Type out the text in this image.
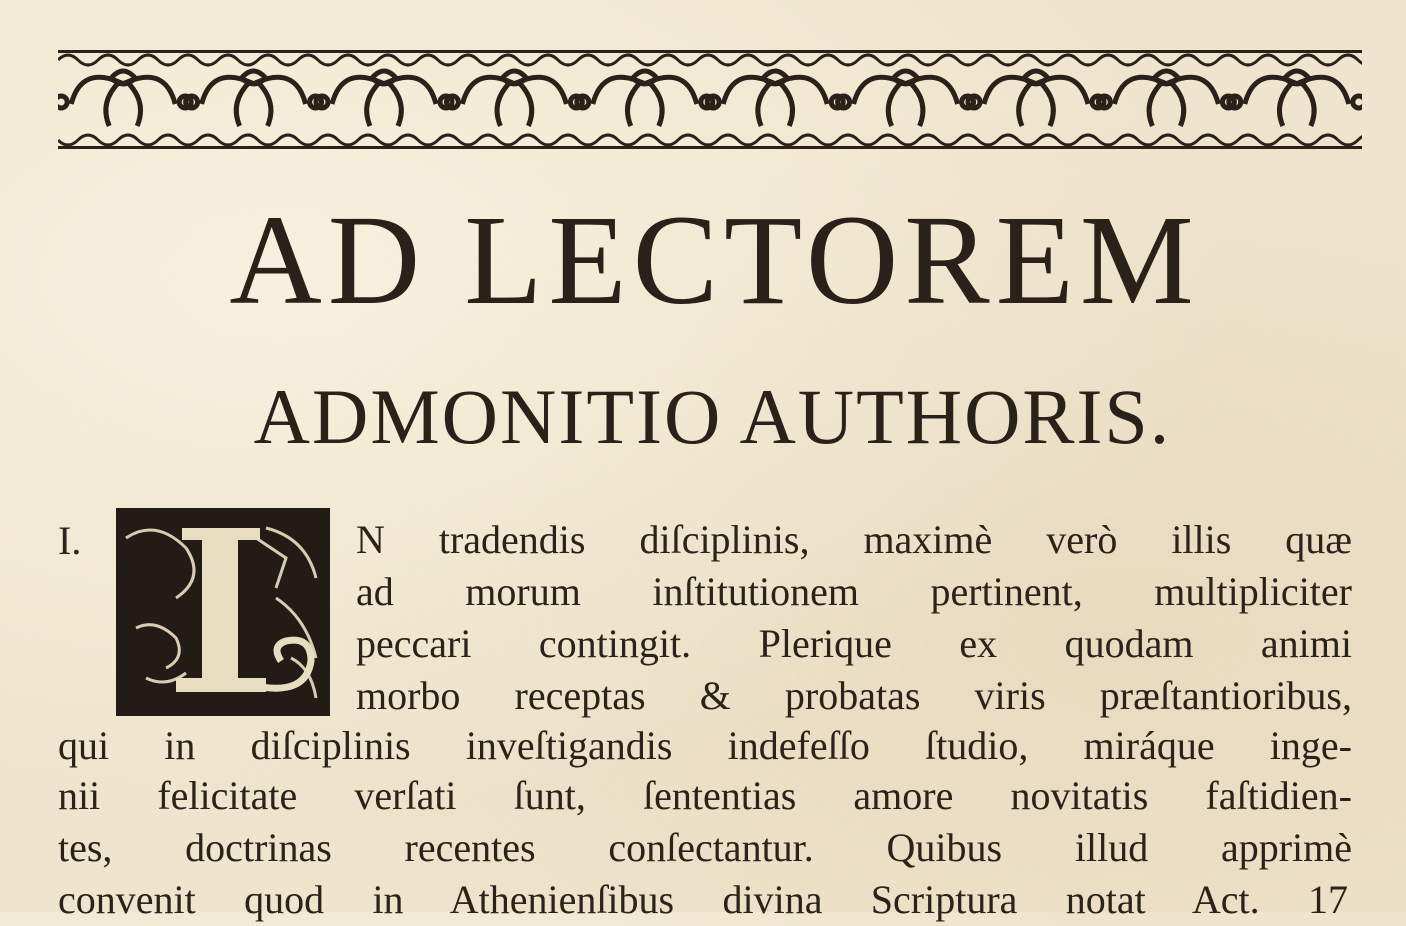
AD LECTOREM
ADMONITIO AUTHORIS.
I.	N tradendis diſciplinis, maximè verò illis quæ

ad morum inſtitutionem pertinent, multipliciter

peccari contingit. Plerique ex quodam animi

morbo receptas & probatas viris præſtantioribus,

qui in diſciplinis inveſtigandis indefeſſo ſtudio, miráque inge-

nii felicitate verſati ſunt, ſententias amore novitatis faſtidien-

tes, doctrinas recentes conſectantur. Quibus illud apprimè

convenit quod in Athenienſibus divina Scriptura notat Act. 17
